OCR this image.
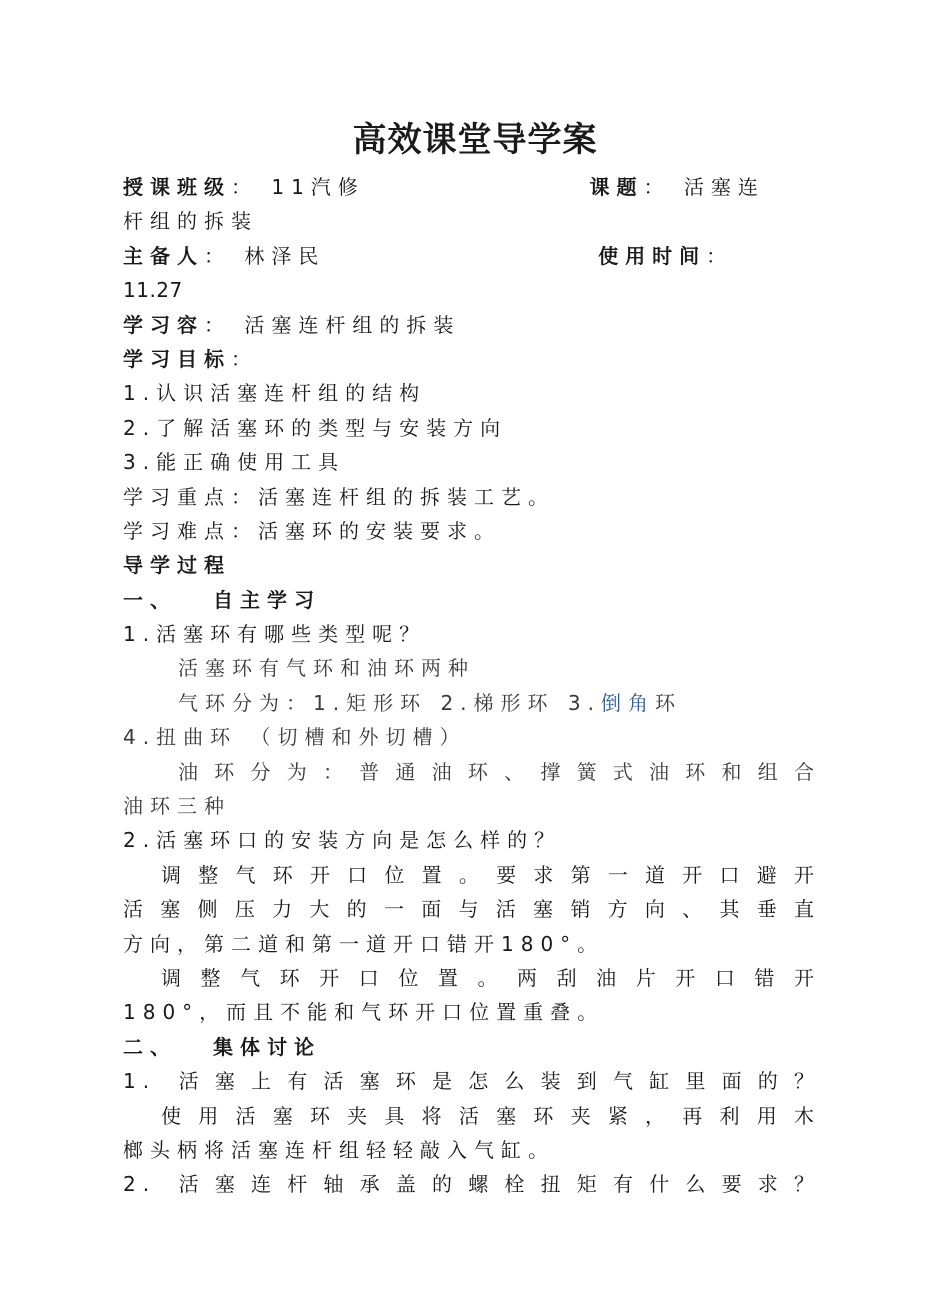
高效课堂导学案
授课班级： 11汽修	课题： 活塞连
杆组的拆装
主备人： 林泽民	使用时间：
11.27
学习容： 活塞连杆组的拆装
学习目标：
1.认识活塞连杆组的结构
2.了解活塞环的类型与安装方向
3.能正确使用工具
学习重点：活塞连杆组的拆装工艺。
学习难点：活塞环的安装要求。
导学过程
一、 自主学习
1.活塞环有哪些类型呢？
活塞环有气环和油环两种
气环分为：1.矩形环 2.梯形环 3.倒角环
4.扭曲环 （切槽和外切槽）
油环分为：普通油环、撑簧式油环和组合
油环三种
2.活塞环口的安装方向是怎么样的？
调整气环开口位置。要求第一道开口避开
活塞侧压力大的一面与活塞销方向、其垂直
方向，第二道和第一道开口错开180°。
调整气环开口位置。两刮油片开口错开
180°，而且不能和气环开口位置重叠。
二、 集体讨论
1. 活塞上有活塞环是怎么装到气缸里面的？
使用活塞环夹具将活塞环夹紧，再利用木
榔头柄将活塞连杆组轻轻敲入气缸。
2. 活塞连杆轴承盖的螺栓扭矩有什么要求？
